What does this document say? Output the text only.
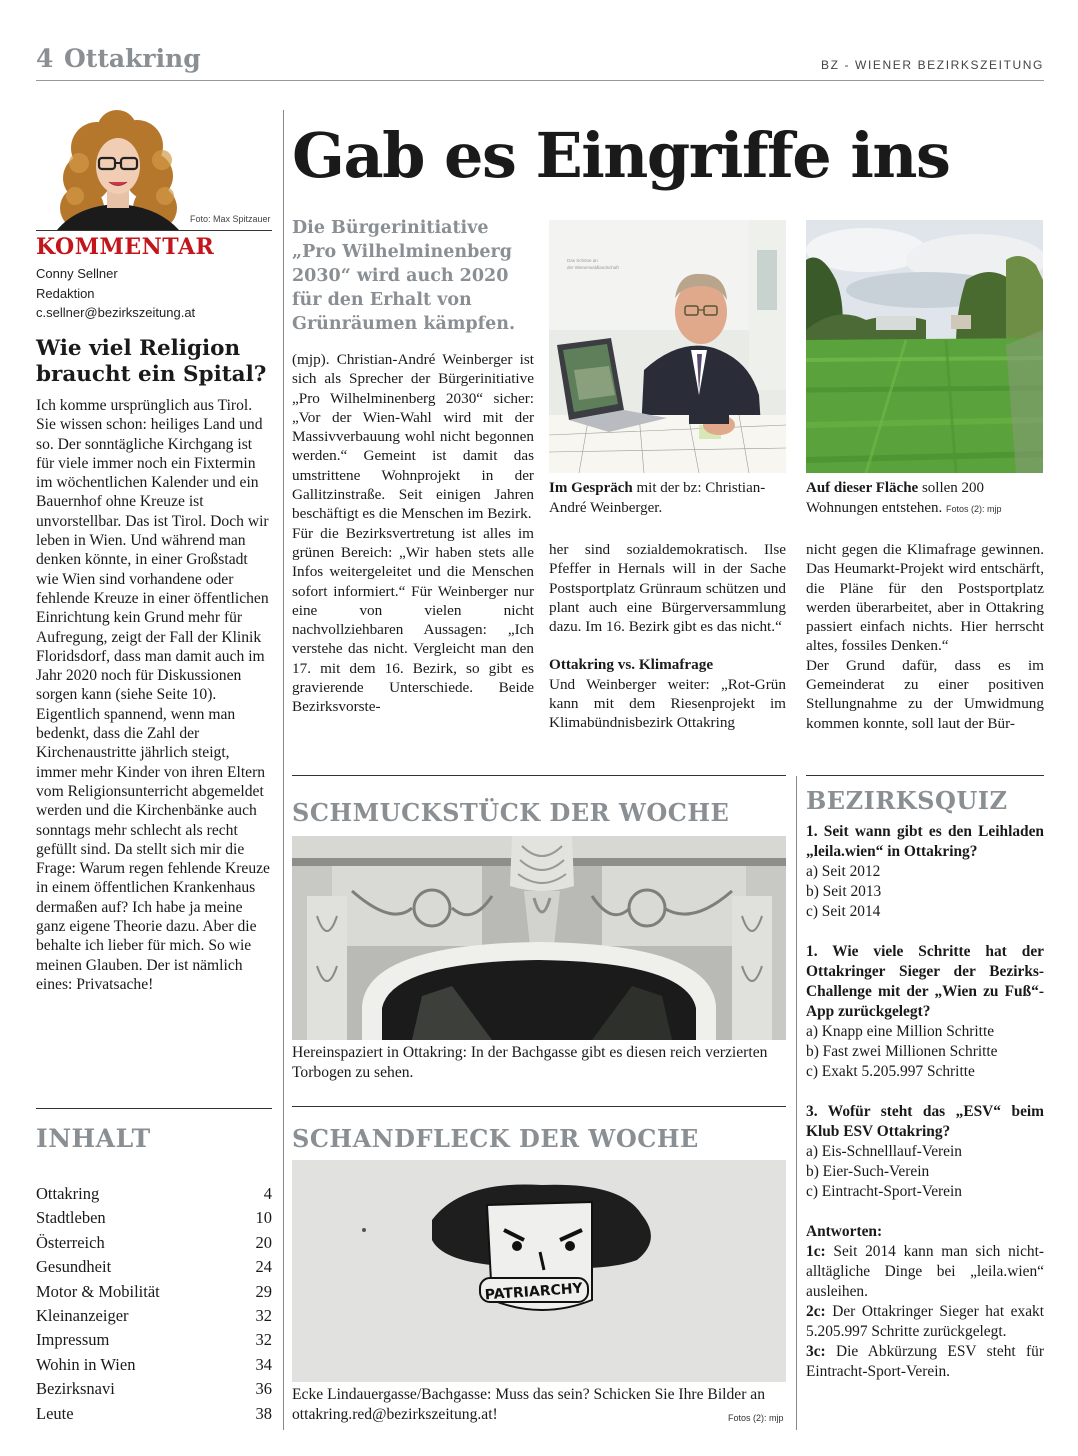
4 Ottakring	BZ - WIENER BEZIRKSZEITUNG
Foto: Max Spitzauer
KOMMENTAR
Conny Sellner
Redaktion
c.sellner@bezirkszeitung.at
Wie viel Religion braucht ein Spital?

Ich komme ursprünglich aus Tirol. Sie wissen schon: heiliges Land und so. Der sonntägliche Kirchgang ist für viele immer noch ein Fixtermin im wöchentlichen Kalender und ein Bauernhof ohne Kreuze ist unvorstellbar. Das ist Tirol. Doch wir leben in Wien. Und während man denken könnte, in einer Großstadt wie Wien sind vorhandene oder fehlende Kreuze in einer öffentlichen Einrichtung kein Grund mehr für Aufregung, zeigt der Fall der Klinik Floridsdorf, dass man damit auch im Jahr 2020 noch für Diskussionen sorgen kann (siehe Seite 10). Eigentlich spannend, wenn man bedenkt, dass die Zahl der Kirchenaustritte jährlich steigt, immer mehr Kinder von ihren Eltern vom Religionsunterricht abgemeldet werden und die Kirchenbänke auch sonntags mehr schlecht als recht gefüllt sind. Da stellt sich mir die Frage: Warum regen fehlende Kreuze in einem öffentlichen Krankenhaus dermaßen auf? Ich habe ja meine ganz eigene Theorie dazu. Aber die behalte ich lieber für mich. So wie meinen Glauben. Der ist nämlich eines: Privatsache!

INHALT
Ottakring	4
Stadtleben	10
Österreich	20
Gesundheit	24
Motor & Mobilität	29
Kleinanzeiger	32
Impressum	32
Wohin in Wien	34
Bezirksnavi	36
Leute	38
Gab es Eingriffe ins
Die Bürgerinitiative „Pro Wilhelminenberg 2030“ wird auch 2020 für den Erhalt von Grünräumen kämpfen.

(mjp). Christian-André Weinberger ist sich als Sprecher der Bürgerinitiative „Pro Wilhelminenberg 2030“ sicher: „Vor der Wien-Wahl wird mit der Massivverbauung wohl nicht begonnen werden.“ Gemeint ist damit das umstrittene Wohnprojekt in der Gallitzinstraße. Seit einigen Jahren beschäftigt es die Menschen im Bezirk.

Für die Bezirksvertretung ist alles im grünen Bereich: „Wir haben stets alle Infos weitergeleitet und die Menschen sofort informiert.“ Für Weinberger nur eine von vielen nicht nachvollziehbaren Aussagen: „Ich verstehe das nicht. Vergleicht man den 17. mit dem 16. Bezirk, so gibt es gravierende Unterschiede. Beide Bezirksvorste-

Das Schöne an
der Wienerwaldlandschaft
Im Gespräch mit der bz: Christian-André Weinberger.
Auf dieser Fläche sollen 200 Wohnungen entstehen. Fotos (2): mjp

her sind sozialdemokratisch. Ilse Pfeffer in Hernals will in der Sache Postsportplatz Grünraum schützen und plant auch eine Bürgerversammlung dazu. Im 16. Bezirk gibt es das nicht.“

Ottakring vs. Klimafrage

Und Weinberger weiter: „Rot-Grün kann mit dem Riesenprojekt im Klimabündnisbezirk Ottakring

nicht gegen die Klimafrage gewinnen. Das Heumarkt-Projekt wird entschärft, die Pläne für den Postsportplatz werden überarbeitet, aber in Ottakring passiert einfach nichts. Hier herrscht altes, fossiles Denken.“

Der Grund dafür, dass es im Gemeinderat zu einer positiven Stellungnahme zu der Umwidmung kommen konnte, soll laut der Bür-

SCHMUCKSTÜCK DER WOCHE
Hereinspaziert in Ottakring: In der Bachgasse gibt es diesen reich verzierten Torbogen zu sehen.
SCHANDFLECK DER WOCHE
PATRIARCHY
Ecke Lindauergasse/Bachgasse: Muss das sein? Schicken Sie Ihre Bilder an ottakring.red@bezirkszeitung.at!	Fotos (2): mjp
BEZIRKSQUIZ
1. Seit wann gibt es den Leihladen „leila.wien“ in Ottakring?
a) Seit 2012
b) Seit 2013
c) Seit 2014
1. Wie viele Schritte hat der Ottakringer Sieger der Bezirks-Challenge mit der „Wien zu Fuß“-App zurückgelegt?
a) Knapp eine Million Schritte
b) Fast zwei Millionen Schritte
c) Exakt 5.205.997 Schritte
3. Wofür steht das „ESV“ beim Klub ESV Ottakring?
a) Eis-Schnelllauf-Verein
b) Eier-Such-Verein
c) Eintracht-Sport-Verein
Antworten:
1c: Seit 2014 kann man sich nicht-alltägliche Dinge bei „leila.wien“ ausleihen.
2c: Der Ottakringer Sieger hat exakt 5.205.997 Schritte zurückgelegt.
3c: Die Abkürzung ESV steht für Eintracht-Sport-Verein.
